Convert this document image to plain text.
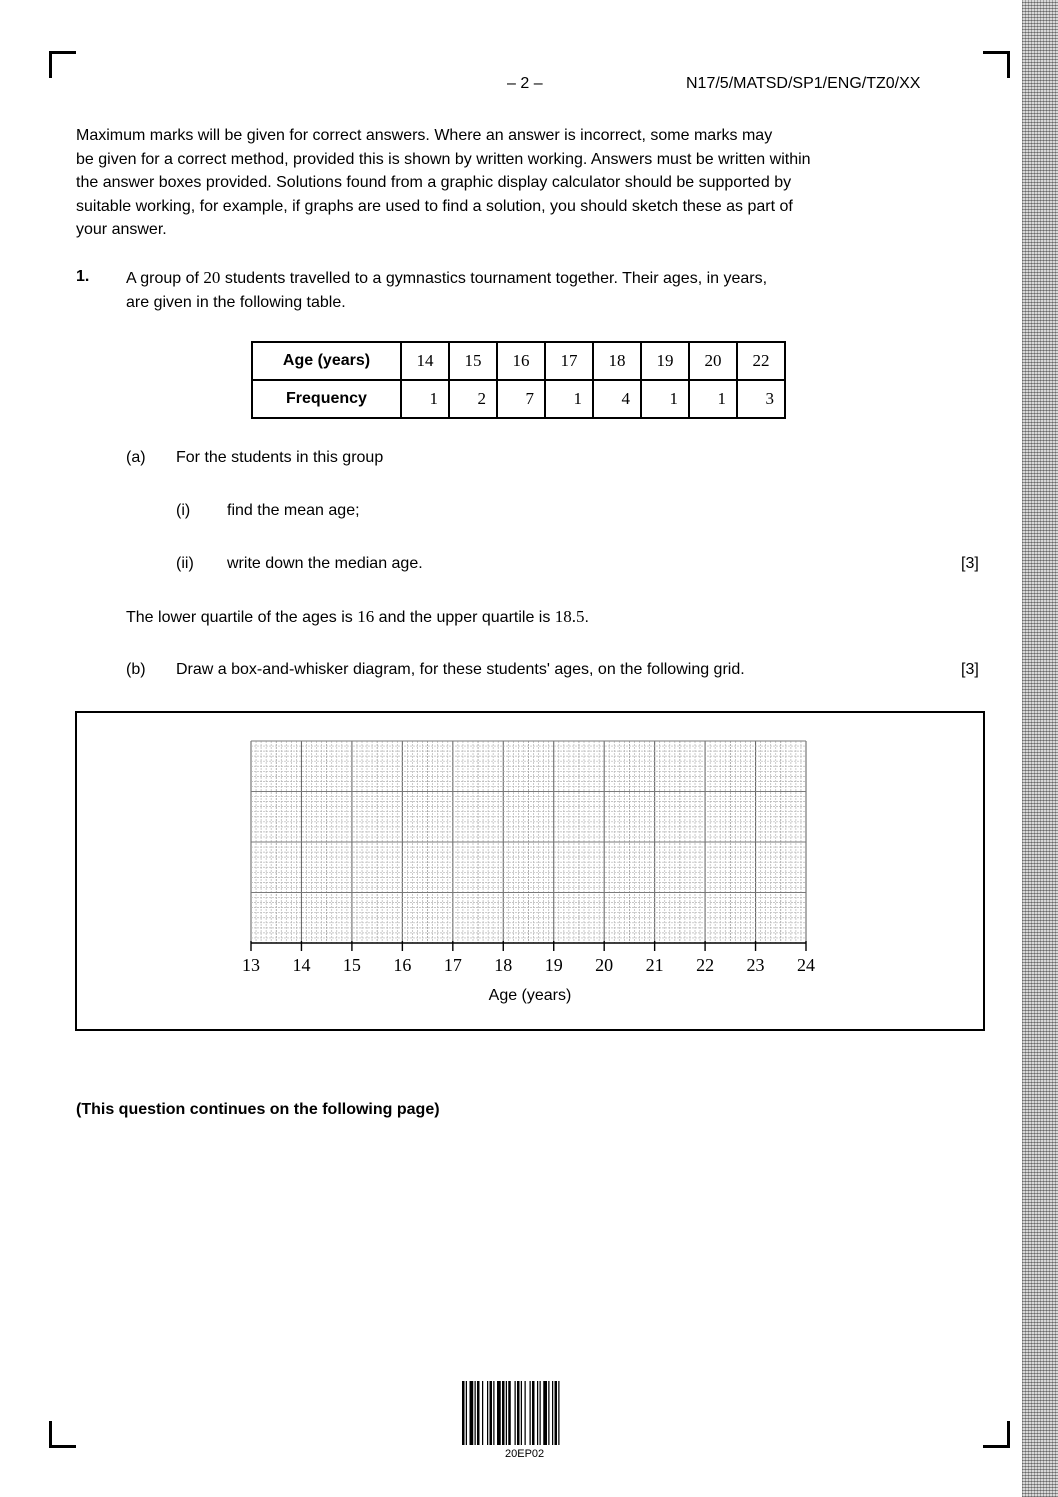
– 2 –	N17/5/MATSD/SP1/ENG/TZ0/XX
Maximum marks will be given for correct answers. Where an answer is incorrect, some marks may
be given for a correct method, provided this is shown by written working. Answers must be written within
the answer boxes provided. Solutions found from a graphic display calculator should be supported by
suitable working, for example, if graphs are used to find a solution, you should sketch these as part of
your answer.
1. A group of 20 students travelled to a gymnastics tournament together. Their ages, in years,
are given in the following table.
Age (years)	14	15	16	17	18	19	20	22
Frequency	1	2	7	1	4	1	1	3
(a) For the students in this group
(i) find the mean age;
(ii) write down the median age.	[3]
The lower quartile of the ages is 16 and the upper quartile is 18.5.
(b) Draw a box-and-whisker diagram, for these students' ages, on the following grid.	[3]
13 14 15 16 17 18 19 20 21 22 23 24
Age (years)
(This question continues on the following page)
20EP02
